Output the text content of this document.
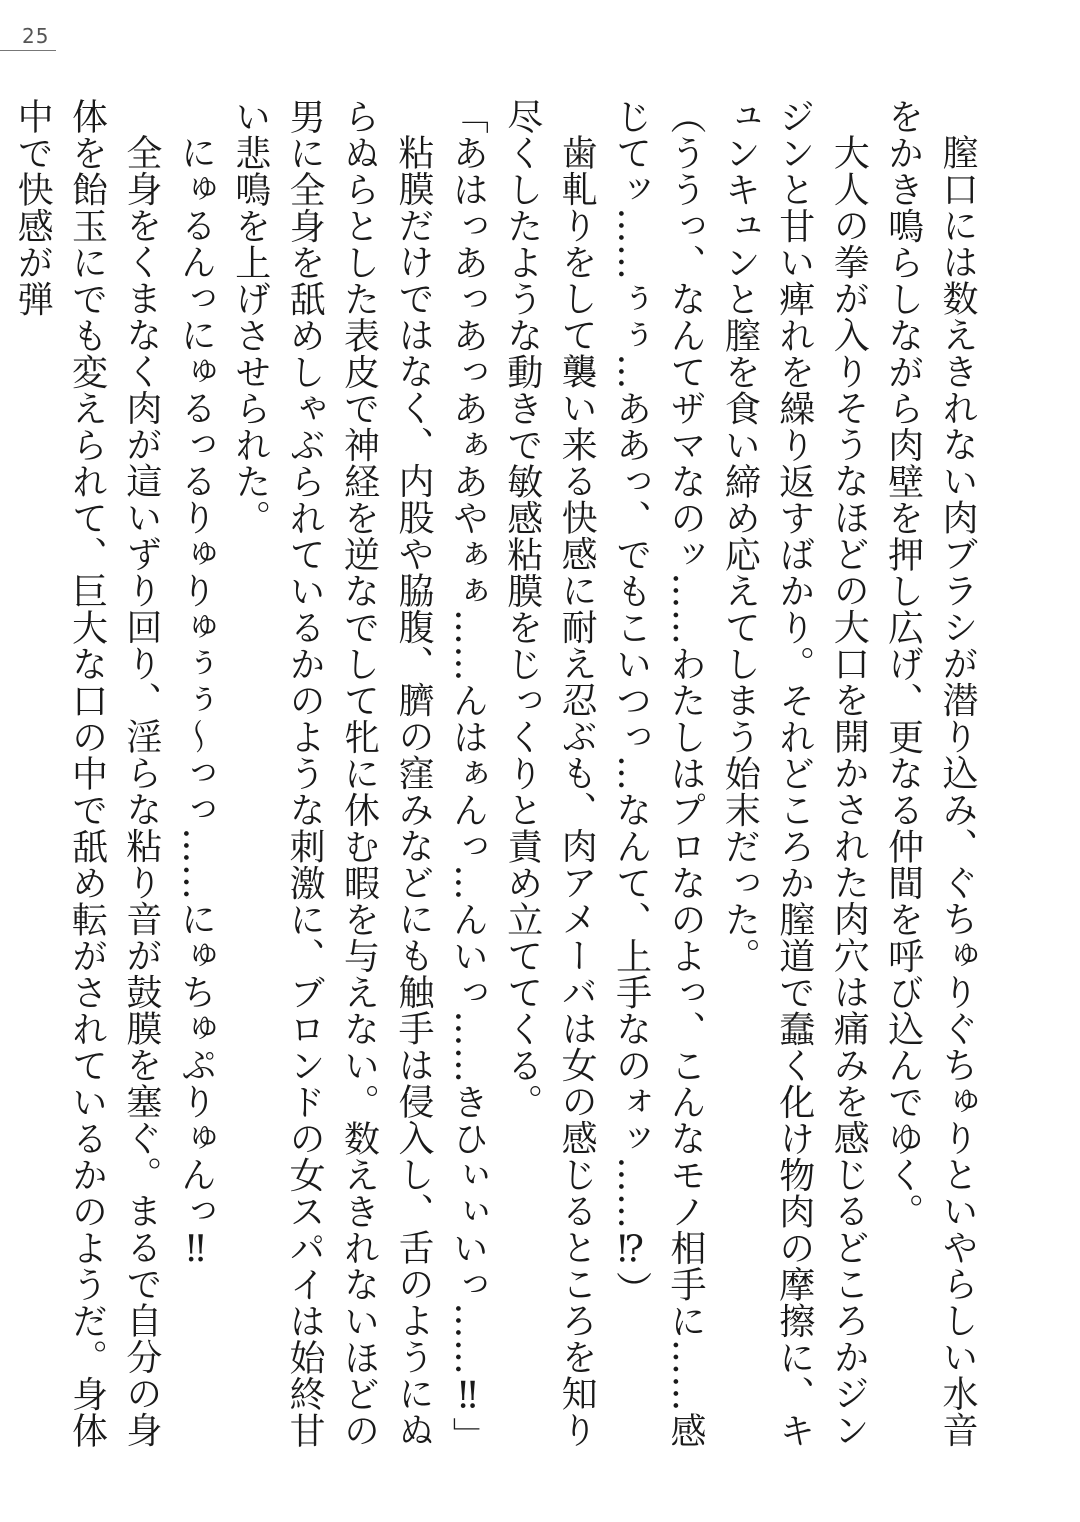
25

膣口には数えきれない肉ブラシが潜り込み、ぐちゅりぐちゅりといやらしい水音をかき鳴らしながら肉壁を押し広げ、更なる仲間を呼び込んでゆく。

大人の拳が入りそうなほどの大口を開かされた肉穴は痛みを感じるどころかジンジンと甘い痺れを繰り返すばかり。それどころか膣道で蠢く化け物肉の摩擦に、キュンキュンと膣を食い締め応えてしまう始末だった。

（ううっ、なんてザマなのッ……わたしはプロなのよっ、こんなモノ相手に……感じてッ……ぅぅ…ああっ、でもこいつっ…なんて、上手なのォッ……⁉）

歯軋りをして襲い来る快感に耐え忍ぶも、肉アメーバは女の感じるところを知り尽くしたような動きで敏感粘膜をじっくりと責め立ててくる。

「あはっあっあっあぁあやぁぁ……んはぁんっ…んいっ……きひぃぃいっ……‼」

粘膜だけではなく、内股や脇腹、臍の窪みなどにも触手は侵入し、舌のようにぬらぬらとした表皮で神経を逆なでして牝に休む暇を与えない。数えきれないほどの男に全身を舐めしゃぶられているかのような刺激に、ブロンドの女スパイは始終甘い悲鳴を上げさせられた。

にゅるんっにゅるっるりゅりゅぅぅ〜っっ……にゅちゅぷりゅんっ‼

全身をくまなく肉が這いずり回り、淫らな粘り音が鼓膜を塞ぐ。まるで自分の身体を飴玉にでも変えられて、巨大な口の中で舐め転がされているかのようだ。身体中で快感が弾
